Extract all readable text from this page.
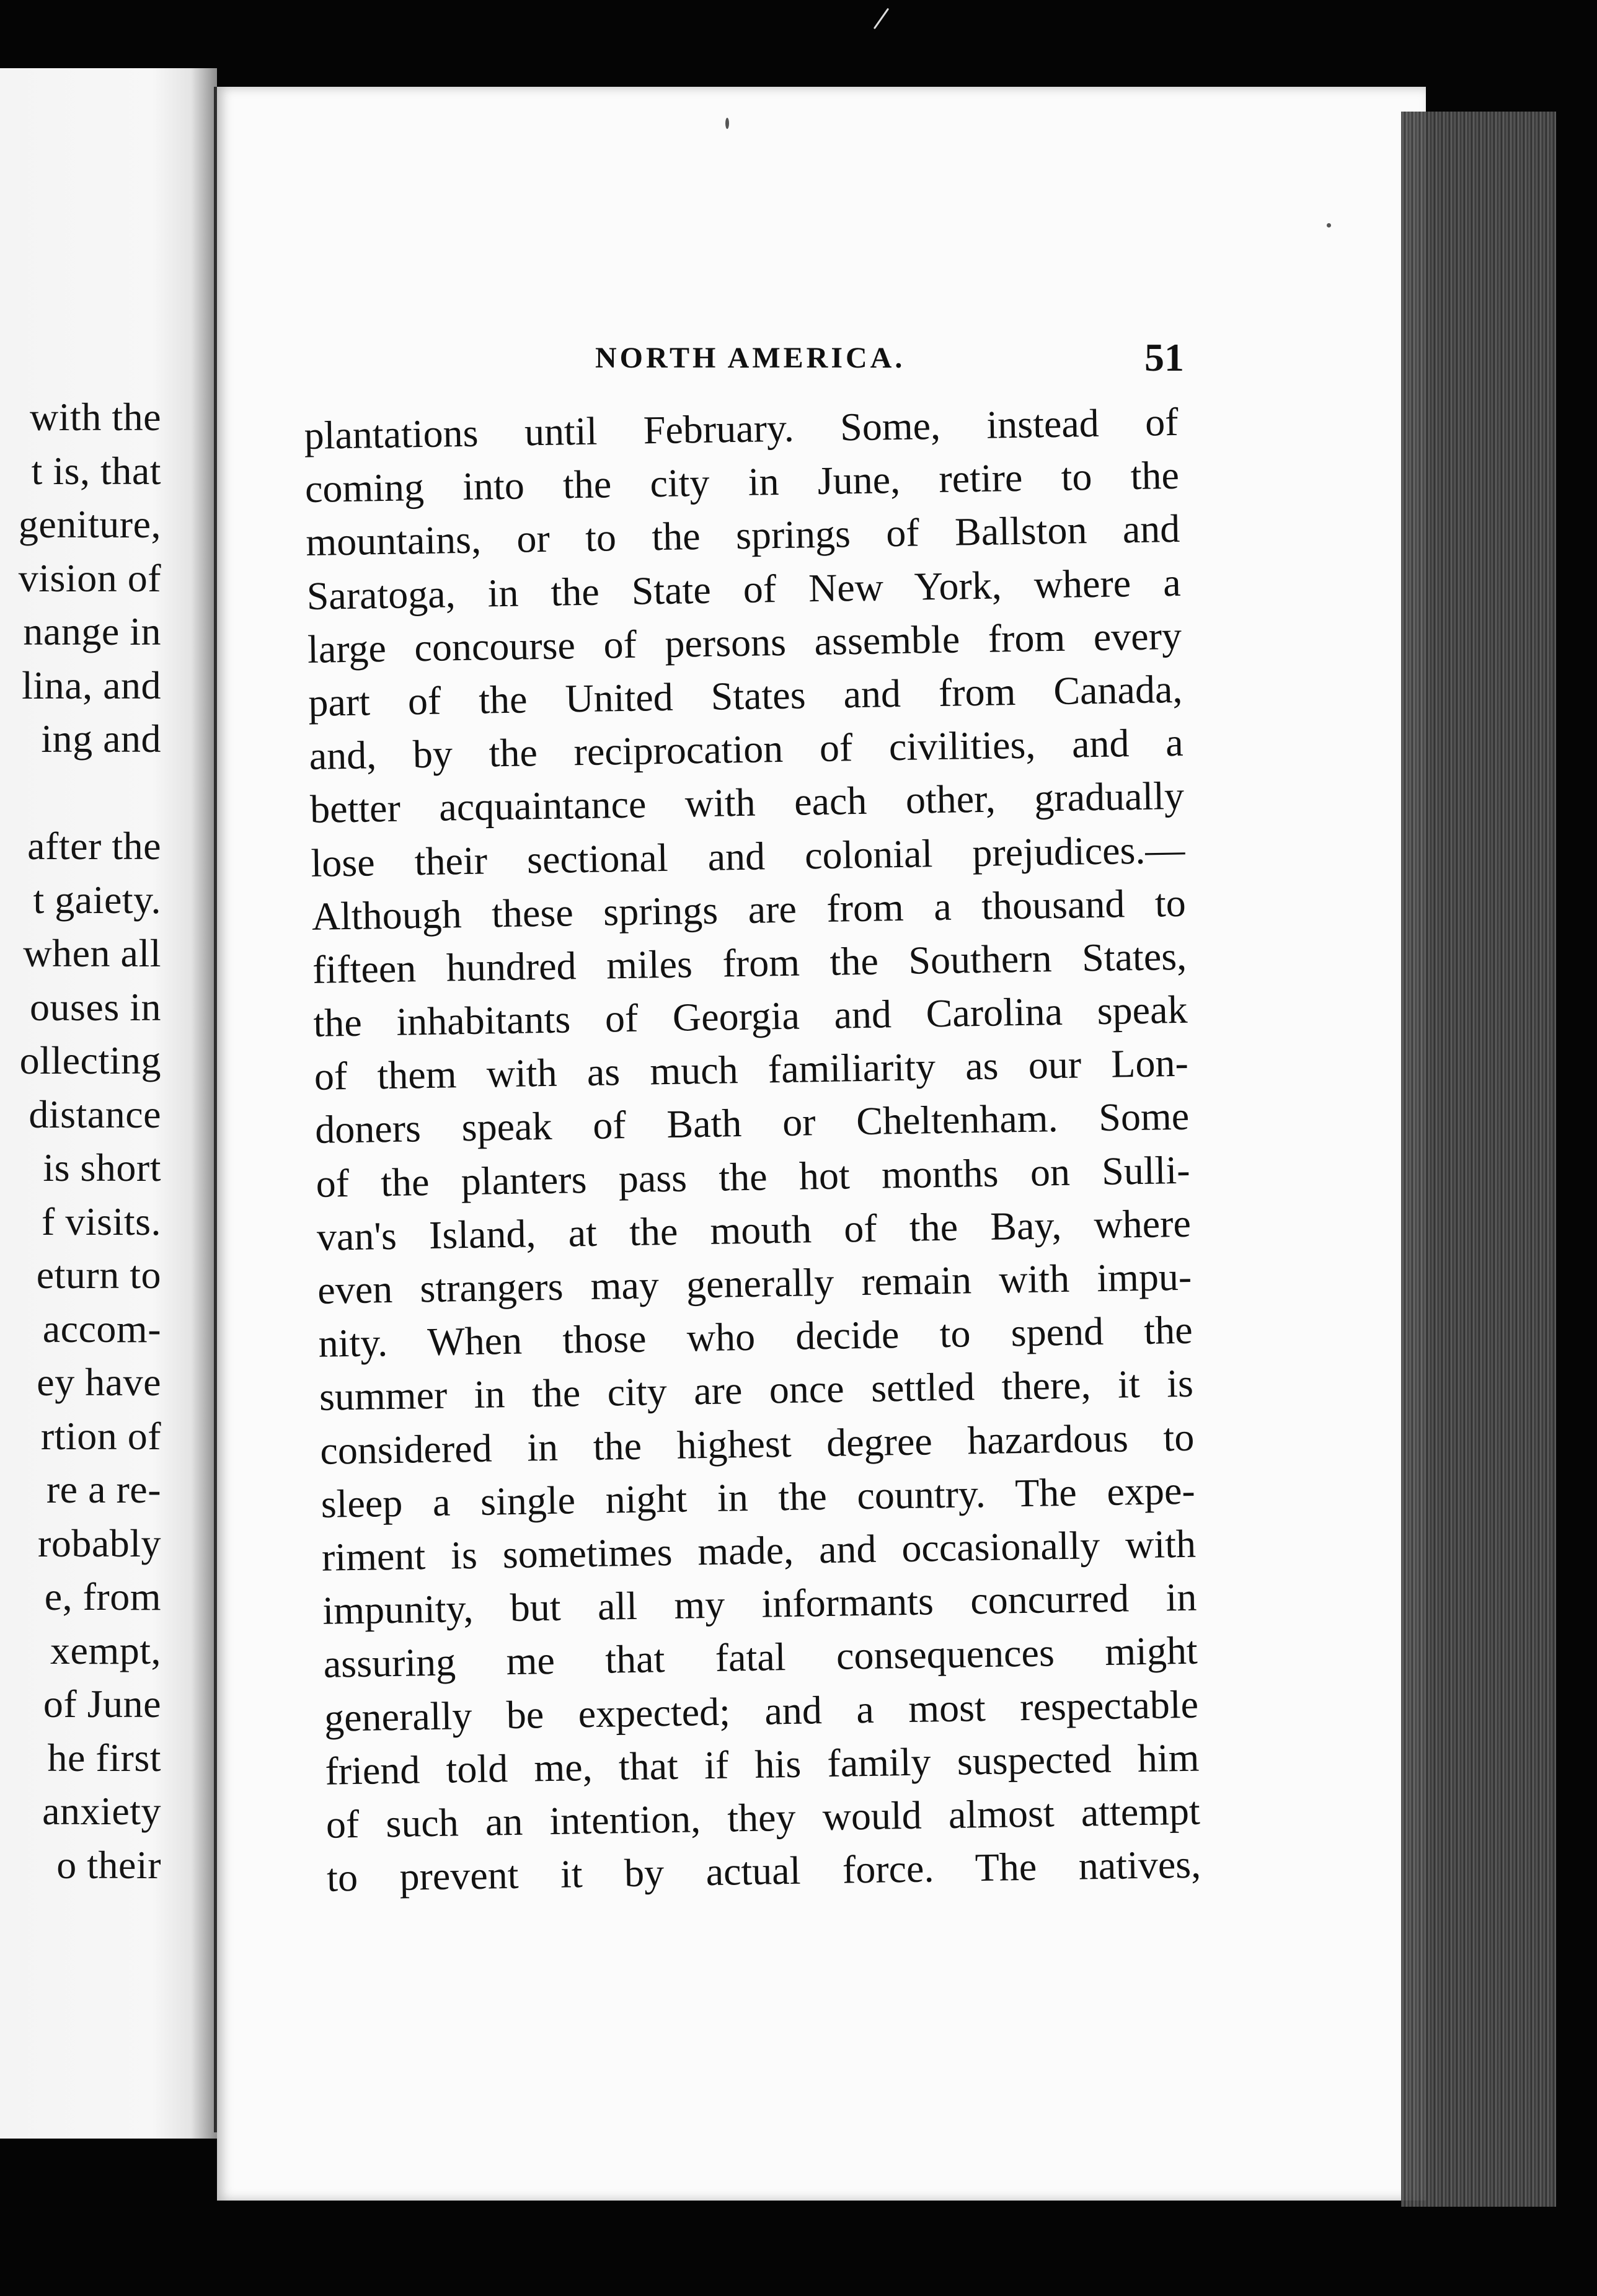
with the
t is, that
geniture,
vision of
nange in
lina, and
ing and
after the
t gaiety.
when all
ouses in
ollecting
distance
is short
f visits.
eturn to
accom-
ey have
rtion of
re a re-
robably
e, from
xempt,
of June
he first
anxiety
o their
NORTH AMERICA.	51
plantations until February. Some, instead of
coming into the city in June, retire to the
mountains, or to the springs of Ballston and
Saratoga, in the State of New York, where a
large concourse of persons assemble from every
part of the United States and from Canada,
and, by the reciprocation of civilities, and a
better acquaintance with each other, gradually
lose their sectional and colonial prejudices.—
Although these springs are from a thousand to
fifteen hundred miles from the Southern States,
the inhabitants of Georgia and Carolina speak
of them with as much familiarity as our Lon-
doners speak of Bath or Cheltenham. Some
of the planters pass the hot months on Sulli-
van's Island, at the mouth of the Bay, where
even strangers may generally remain with impu-
nity. When those who decide to spend the
summer in the city are once settled there, it is
considered in the highest degree hazardous to
sleep a single night in the country. The expe-
riment is sometimes made, and occasionally with
impunity, but all my informants concurred in
assuring me that fatal consequences might
generally be expected; and a most respectable
friend told me, that if his family suspected him
of such an intention, they would almost attempt
to prevent it by actual force. The natives,
